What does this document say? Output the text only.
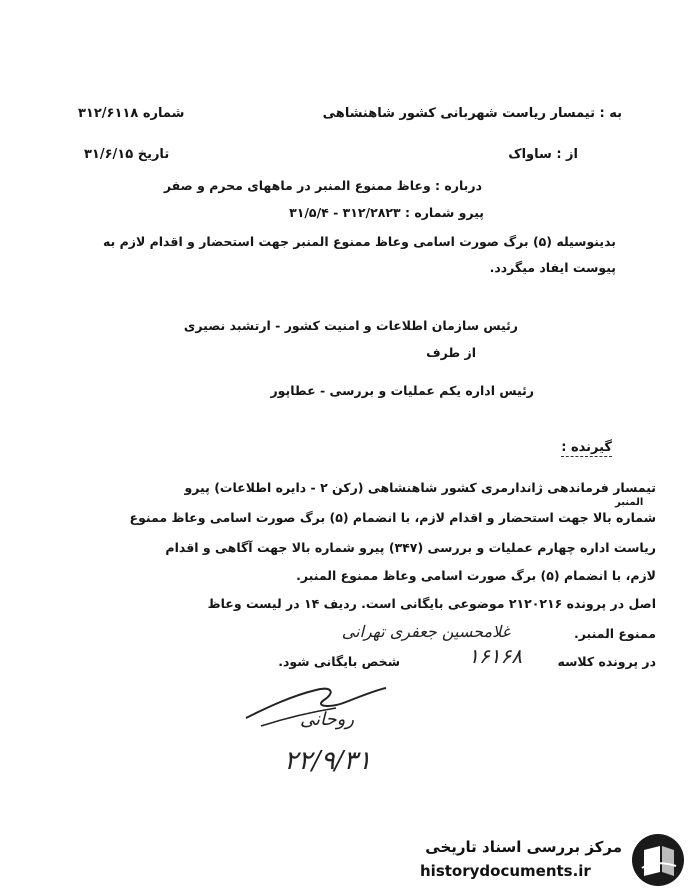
به : تیمسار ریاست شهربانی کشور شاهنشاهی
شماره ۳۱۲/۶۱۱۸
از : ساواک
تاریخ ۳۱/۶/۱۵
درباره : وعاظ ممنوع المنبر در ماههای محرم و صفر
پیرو شماره : ۳۱۲/۲۸۲۳ - ۳۱/۵/۴
بدینوسیله (۵) برگ صورت اسامی وعاظ ممنوع المنبر جهت استحضار و اقدام لازم به
پیوست ایفاد میگردد.
رئیس سازمان اطلاعات و امنیت کشور - ارتشبد نصیری
از طرف
رئیس اداره یکم عملیات و بررسی - عطاپور
گیرنده :
تیمسار فرماندهی ژاندارمری کشور شاهنشاهی (رکن ۲ - دایره اطلاعات) پیرو
المنبر
شماره بالا جهت استحضار و اقدام لازم، با انضمام (۵) برگ صورت اسامی وعاظ ممنوع
ریاست اداره چهارم عملیات و بررسی (۳۴۷) پیرو شماره بالا جهت آگاهی و اقدام
لازم، با انضمام (۵) برگ صورت اسامی وعاظ ممنوع المنبر.
اصل در پرونده ۲۱۲۰۲۱۶ موضوعی بایگانی است. ردیف ۱۴ در لیست وعاظ
ممنوع المنبر.
غلامحسین جعفری تهرانی
در پرونده کلاسه
۱۶۱۶۸
شخص بایگانی شود.
روحانی
۲۲/۹/۳۱
مرکز بررسی اسناد تاریخی
historydocuments.ir
